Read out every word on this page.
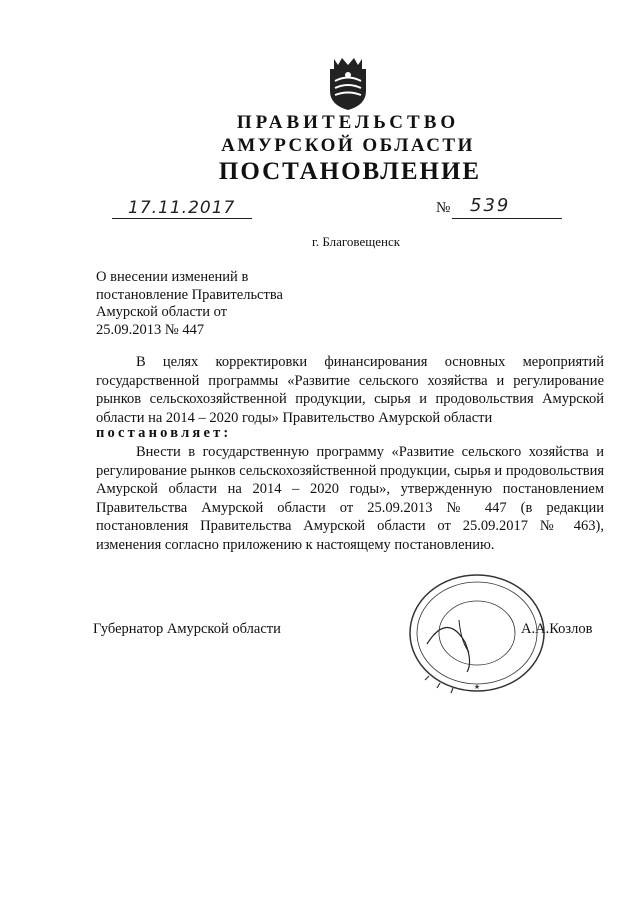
ПРАВИТЕЛЬСТВО
АМУРСКОЙ ОБЛАСТИ
ПОСТАНОВЛЕНИЕ
17.11.2017	№ 539
г. Благовещенск
О внесении изменений в
постановление Правительства
Амурской области от
25.09.2013 № 447
В целях корректировки финансирования основных мероприятий государственной программы «Развитие сельского хозяйства и регулирование рынков сельскохозяйственной продукции, сырья и продовольствия Амурской области на 2014 – 2020 годы» Правительство Амурской области
постановляет:
Внести в государственную программу «Развитие сельского хозяйства и регулирование рынков сельскохозяйственной продукции, сырья и продовольствия Амурской области на 2014 – 2020 годы», утвержденную постановлением Правительства Амурской области от 25.09.2013 № 447 (в редакции постановления Правительства Амурской области от 25.09.2017 № 463), изменения согласно приложению к настоящему постановлению.
Губернатор Амурской области	А.А.Козлов
★
